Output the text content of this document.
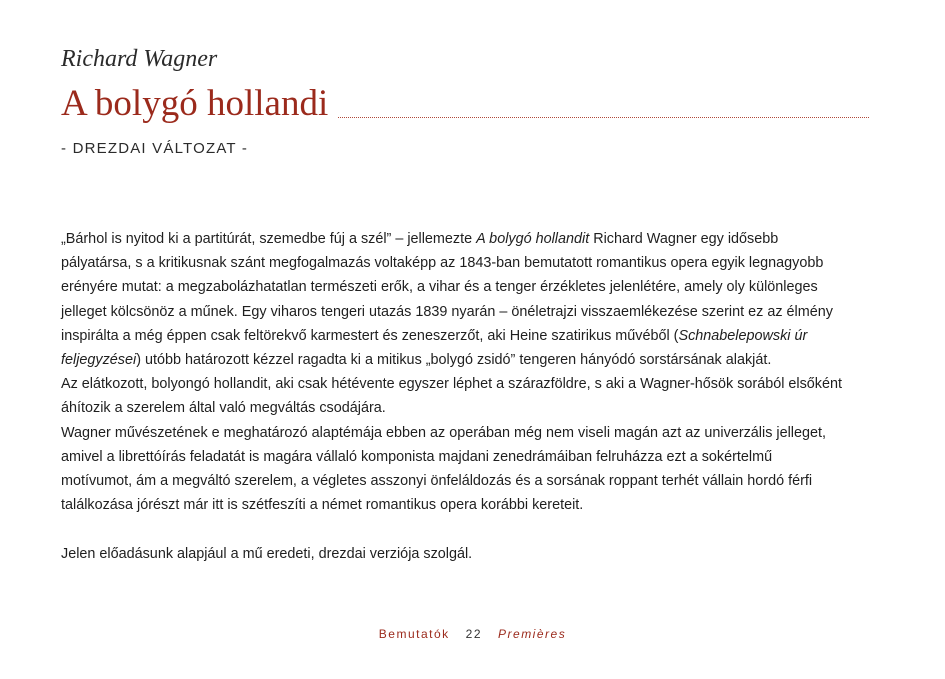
Richard Wagner
A bolygó hollandi
- DREZDAI VÁLTOZAT -
„Bárhol is nyitod ki a partitúrát, szemedbe fúj a szél” – jellemezte A bolygó hollandit Richard Wagner egy idősebb
pályatársa, s a kritikusnak szánt megfogalmazás voltaképp az 1843-ban bemutatott romantikus opera egyik legnagyobb
erényére mutat: a megzabolázhatatlan természeti erők, a vihar és a tenger érzékletes jelenlétére, amely oly különleges
jelleget kölcsönöz a műnek. Egy viharos tengeri utazás 1839 nyarán – önéletrajzi visszaemlékezése szerint ez az élmény
inspirálta a még éppen csak feltörekvő karmestert és zeneszerzőt, aki Heine szatirikus művéből (Schnabelepowski úr
feljegyzései) utóbb határozott kézzel ragadta ki a mitikus „bolygó zsidó” tengeren hányódó sorstársának alakját.
Az elátkozott, bolyongó hollandit, aki csak hétévente egyszer léphet a szárazföldre, s aki a Wagner-hősök sorából elsőként
áhítozik a szerelem által való megváltás csodájára.
Wagner művészetének e meghatározó alaptémája ebben az operában még nem viseli magán azt az univerzális jelleget,
amivel a librettóírás feladatát is magára vállaló komponista majdani zenedrámáiban felruházza ezt a sokértelmű
motívumot, ám a megváltó szerelem, a végletes asszonyi önfeláldozás és a sorsának roppant terhét vállain hordó férfi
találkozása jórészt már itt is szétfeszíti a német romantikus opera korábbi kereteit.
Jelen előadásunk alapjául a mű eredeti, drezdai verziója szolgál.
Bemutatók 22 Premières
